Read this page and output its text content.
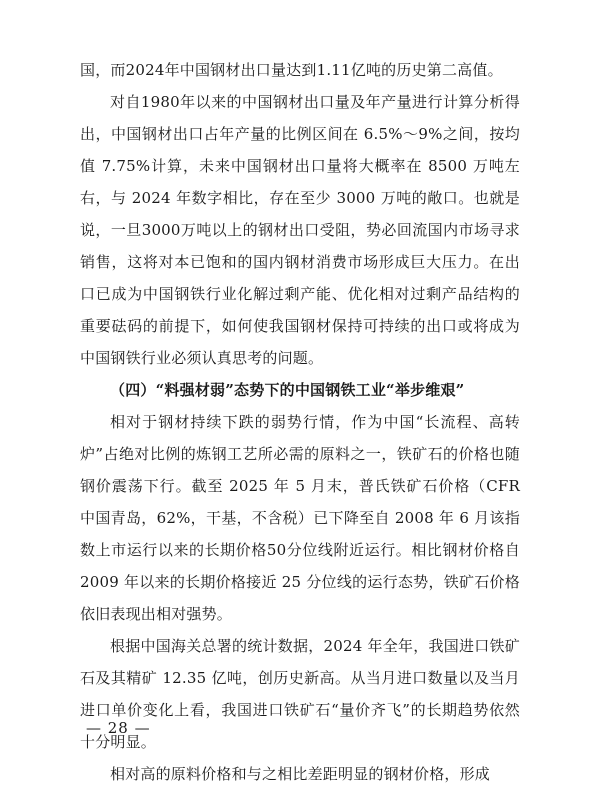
国，而2024年中国钢材出口量达到1.11亿吨的历史第二高值。

对自1980年以来的中国钢材出口量及年产量进行计算分析得出，中国钢材出口占年产量的比例区间在 6.5%～9%之间，按均值 7.75%计算，未来中国钢材出口量将大概率在 8500 万吨左右，与 2024 年数字相比，存在至少 3000 万吨的敞口。也就是说，一旦3000万吨以上的钢材出口受阻，势必回流国内市场寻求销售，这将对本已饱和的国内钢材消费市场形成巨大压力。在出口已成为中国钢铁行业化解过剩产能、优化相对过剩产品结构的重要砝码的前提下，如何使我国钢材保持可持续的出口或将成为中国钢铁行业必须认真思考的问题。

（四）“料强材弱”态势下的中国钢铁工业“举步维艰”

相对于钢材持续下跌的弱势行情，作为中国“长流程、高转炉”占绝对比例的炼钢工艺所必需的原料之一，铁矿石的价格也随钢价震荡下行。截至 2025 年 5 月末，普氏铁矿石价格（CFR 中国青岛，62%，干基，不含税）已下降至自 2008 年 6 月该指数上市运行以来的长期价格50分位线附近运行。相比钢材价格自 2009 年以来的长期价格接近 25 分位线的运行态势，铁矿石价格依旧表现出相对强势。

根据中国海关总署的统计数据，2024 年全年，我国进口铁矿石及其精矿 12.35 亿吨，创历史新高。从当月进口数量以及当月进口单价变化上看，我国进口铁矿石“量价齐飞”的长期趋势依然十分明显。

相对高的原料价格和与之相比差距明显的钢材价格，形成

— 28 —
